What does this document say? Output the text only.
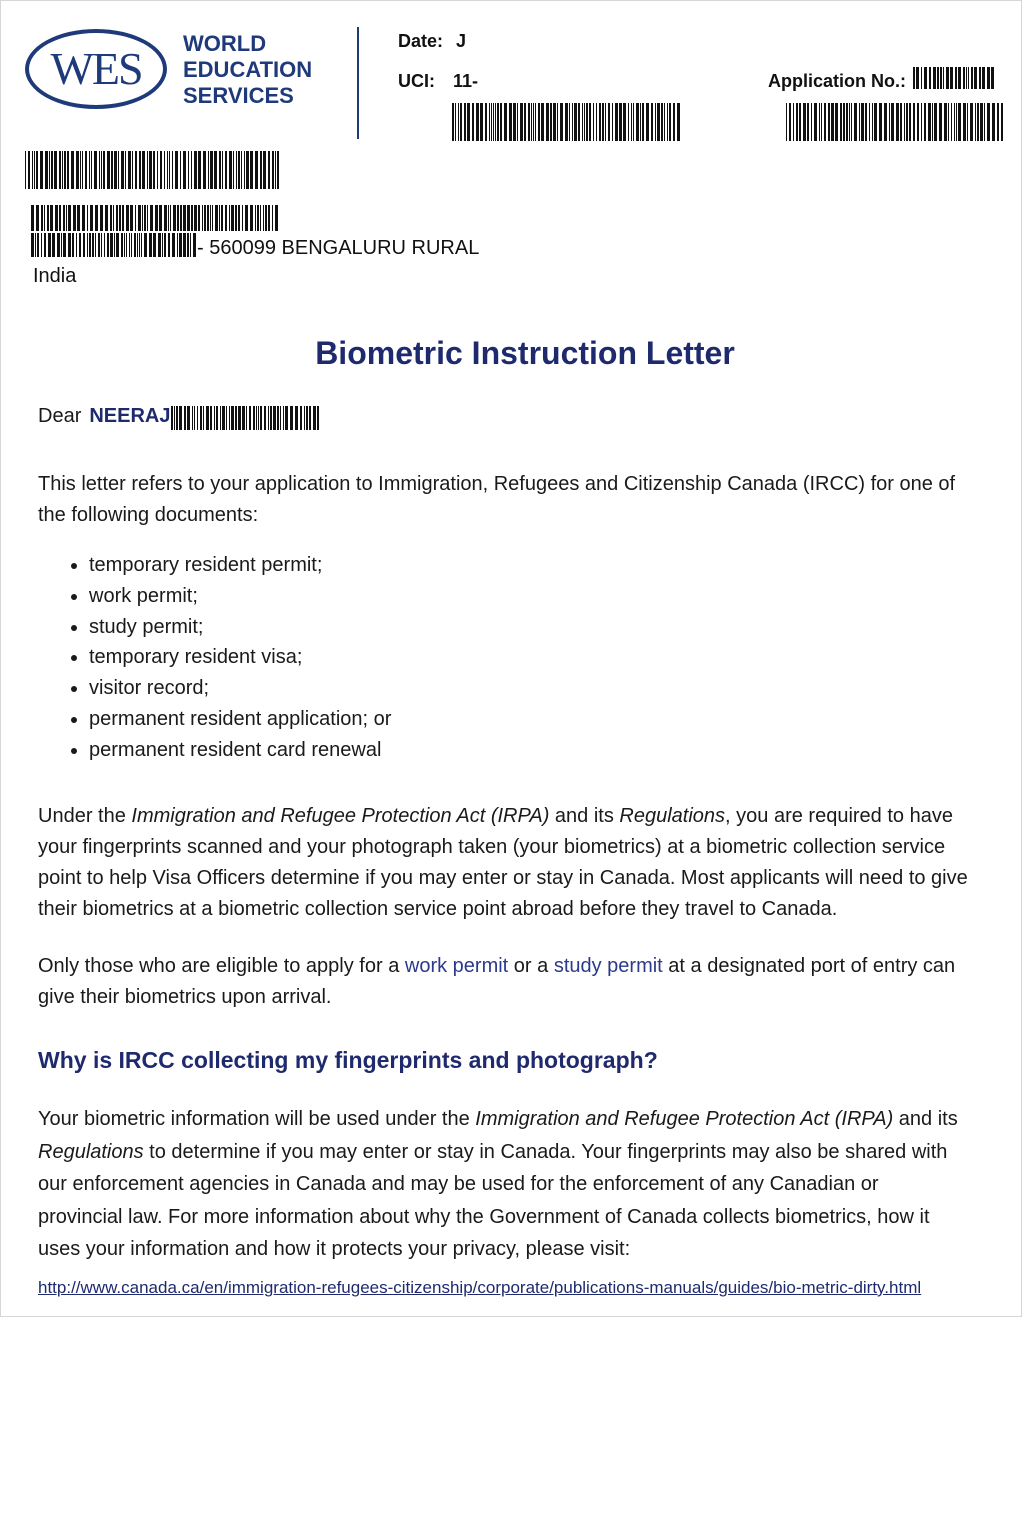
WES WORLD
EDUCATION
SERVICES
Date: J
UCI: 11-	Application No.:
- 560099 BENGALURU RURAL
India
Biometric Instruction Letter
Dear NEERAJ
This letter refers to your application to Immigration, Refugees and Citizenship Canada (IRCC) for one of the following documents:
• temporary resident permit;
• work permit;
• study permit;
• temporary resident visa;
• visitor record;
• permanent resident application; or
• permanent resident card renewal
Under the Immigration and Refugee Protection Act (IRPA) and its Regulations, you are required to have your fingerprints scanned and your photograph taken (your biometrics) at a biometric collection service point to help Visa Officers determine if you may enter or stay in Canada. Most applicants will need to give their biometrics at a biometric collection service point abroad before they travel to Canada.
Only those who are eligible to apply for a work permit or a study permit at a designated port of entry can give their biometrics upon arrival.
Why is IRCC collecting my fingerprints and photograph?
Your biometric information will be used under the Immigration and Refugee Protection Act (IRPA) and its Regulations to determine if you may enter or stay in Canada. Your fingerprints may also be shared with our enforcement agencies in Canada and may be used for the enforcement of any Canadian or provincial law. For more information about why the Government of Canada collects biometrics, how it uses your information and how it protects your privacy, please visit:
http://www.canada.ca/en/immigration-refugees-citizenship/corporate/publications-manuals/guides/bio-metric-dirty.html
